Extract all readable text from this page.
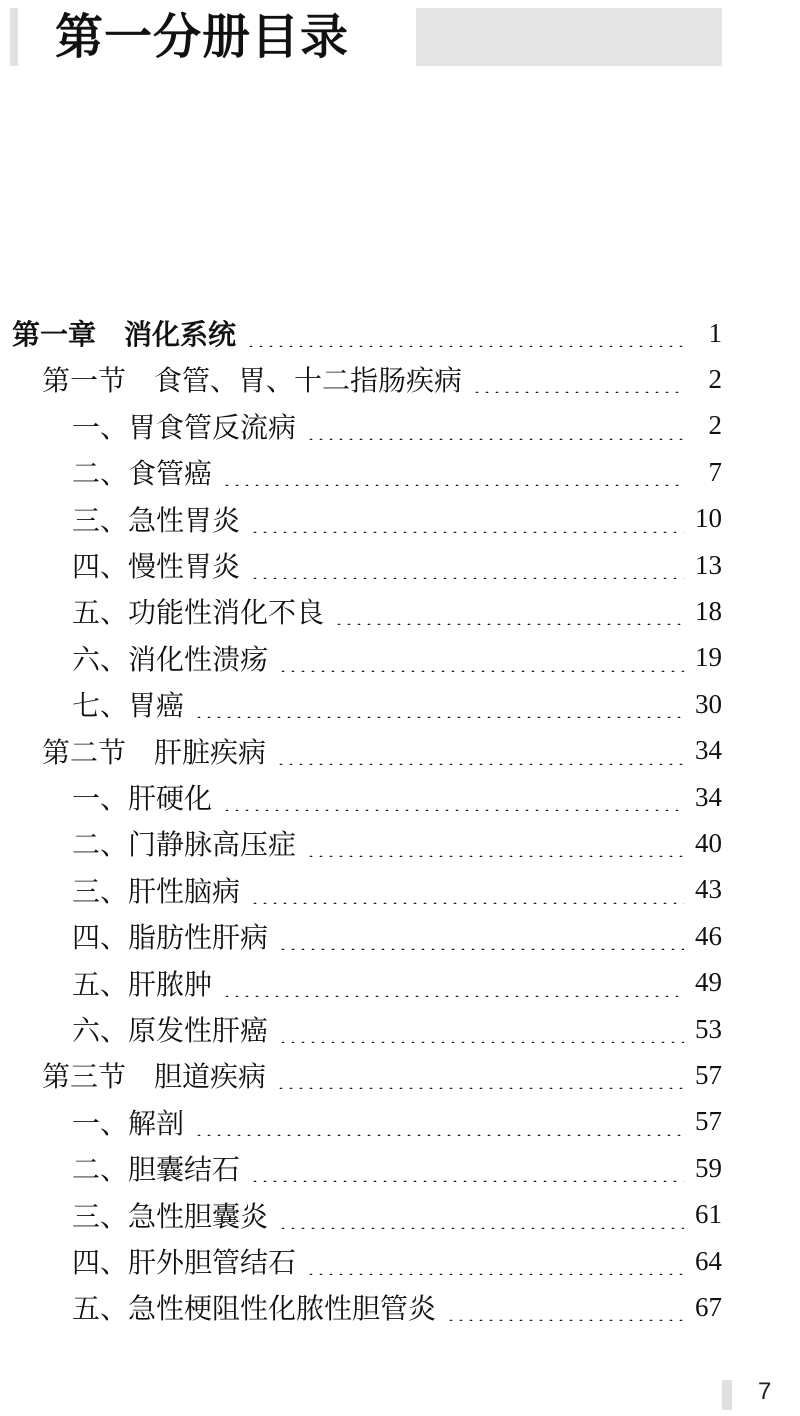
第一分册目录
第一章　消化系统	1
第一节　食管、胃、十二指肠疾病	2
一、胃食管反流病	2
二、食管癌	7
三、急性胃炎	10
四、慢性胃炎	13
五、功能性消化不良	18
六、消化性溃疡	19
七、胃癌	30
第二节　肝脏疾病	34
一、肝硬化	34
二、门静脉高压症	40
三、肝性脑病	43
四、脂肪性肝病	46
五、肝脓肿	49
六、原发性肝癌	53
第三节　胆道疾病	57
一、解剖	57
二、胆囊结石	59
三、急性胆囊炎	61
四、肝外胆管结石	64
五、急性梗阻性化脓性胆管炎	67
7
